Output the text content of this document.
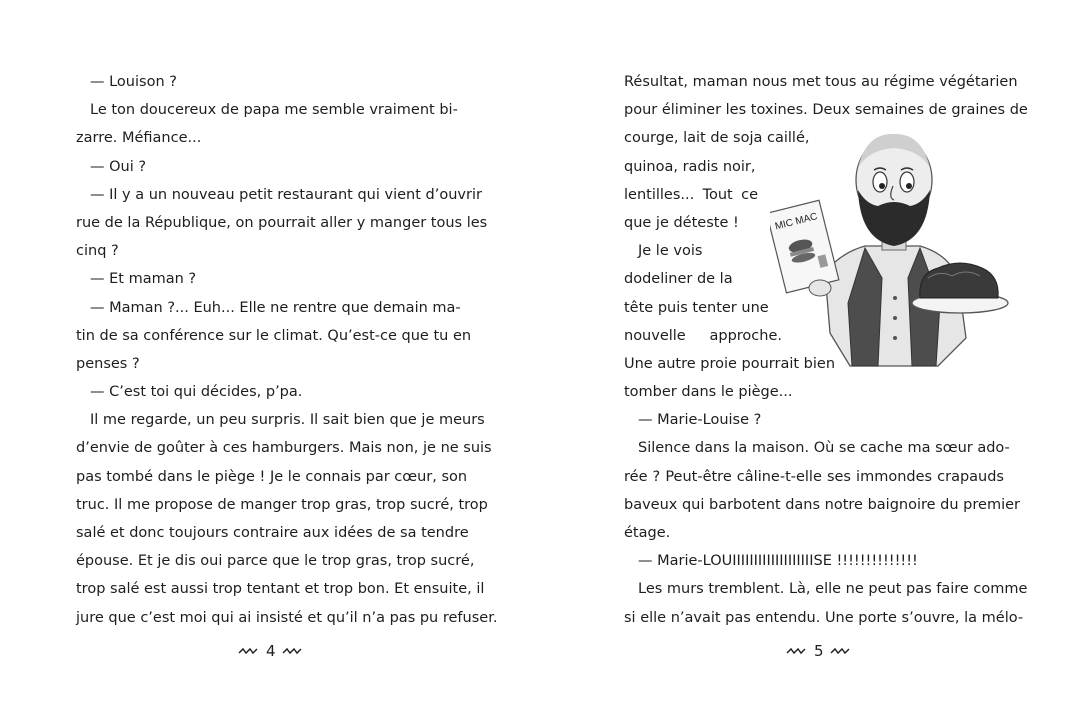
— Louison ?
Le ton doucereux de papa me semble vraiment bi-
zarre. Méfiance...
— Oui ?
— Il y a un nouveau petit restaurant qui vient d’ouvrir
rue de la République, on pourrait aller y manger tous les
cinq ?
— Et maman ?
— Maman ?... Euh... Elle ne rentre que demain ma-
tin de sa conférence sur le climat. Qu’est-ce que tu en
penses ?
— C’est toi qui décides, p’pa.
Il me regarde, un peu surpris. Il sait bien que je meurs
d’envie de goûter à ces hamburgers. Mais non, je ne suis
pas tombé dans le piège ! Je le connais par cœur, son
truc. Il me propose de manger trop gras, trop sucré, trop
salé et donc toujours contraire aux idées de sa tendre
épouse. Et je dis oui parce que le trop gras, trop sucré,
trop salé est aussi trop tentant et trop bon. Et ensuite, il
jure que c’est moi qui ai insisté et qu’il n’a pas pu refuser.
4
Résultat, maman nous met tous au régime végétarien
pour éliminer les toxines. Deux semaines de graines de
courge, lait de soja caillé,
quinoa, radis noir,
lentilles... Tout ce
que je déteste !
Je le vois
dodeliner de la
tête puis tenter une
nouvelle approche.
Une autre proie pourrait bien
tomber dans le piège...
— Marie-Louise ?
Silence dans la maison. Où se cache ma sœur ado-
rée ? Peut-être câline-t-elle ses immondes crapauds
baveux qui barbotent dans notre baignoire du premier
étage.
— Marie-LOUIIIIIIIIIIIIIIIIIIISE !!!!!!!!!!!!!!
Les murs tremblent. Là, elle ne peut pas faire comme
si elle n’avait pas entendu. Une porte s’ouvre, la mélo-
5
MIC MAC
